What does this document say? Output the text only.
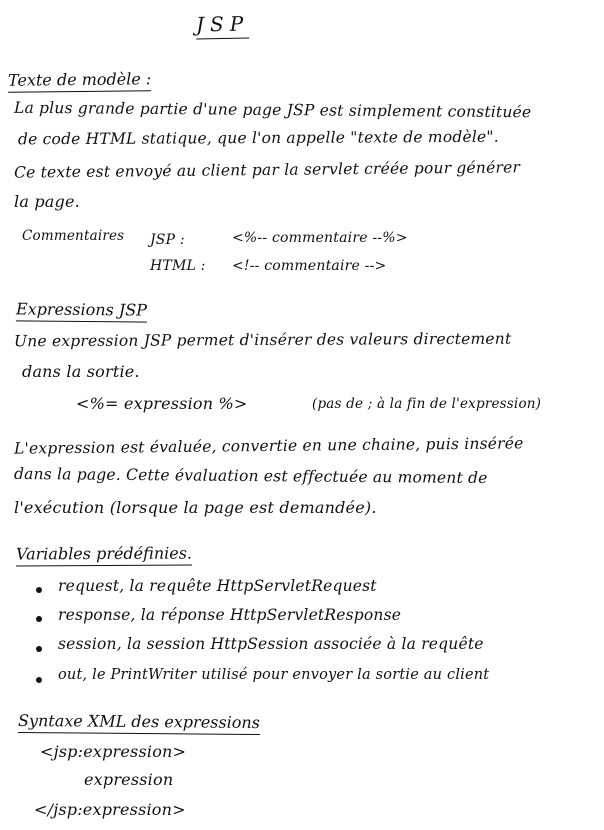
JSP
Texte de modèle :
La plus grande partie d'une page JSP est simplement constituée
de code HTML statique, que l'on appelle "texte de modèle".
Ce texte est envoyé au client par la servlet créée pour générer
la page.
Commentaires JSP :	<%-- commentaire --%>
HTML : <!-- commentaire -->
Expressions JSP
Une expression JSP permet d'insérer des valeurs directement
dans la sortie.
<%= expression %>	(pas de ; à la fin de l'expression)
L'expression est évaluée, convertie en une chaine, puis insérée
dans la page. Cette évaluation est effectuée au moment de
l'exécution (lorsque la page est demandée).
Variables prédéfinies.
request, la requête HttpServletRequest
response, la réponse HttpServletResponse
session, la session HttpSession associée à la requête
out, le PrintWriter utilisé pour envoyer la sortie au client
Syntaxe XML des expressions
<jsp:expression>
expression
</jsp:expression>
